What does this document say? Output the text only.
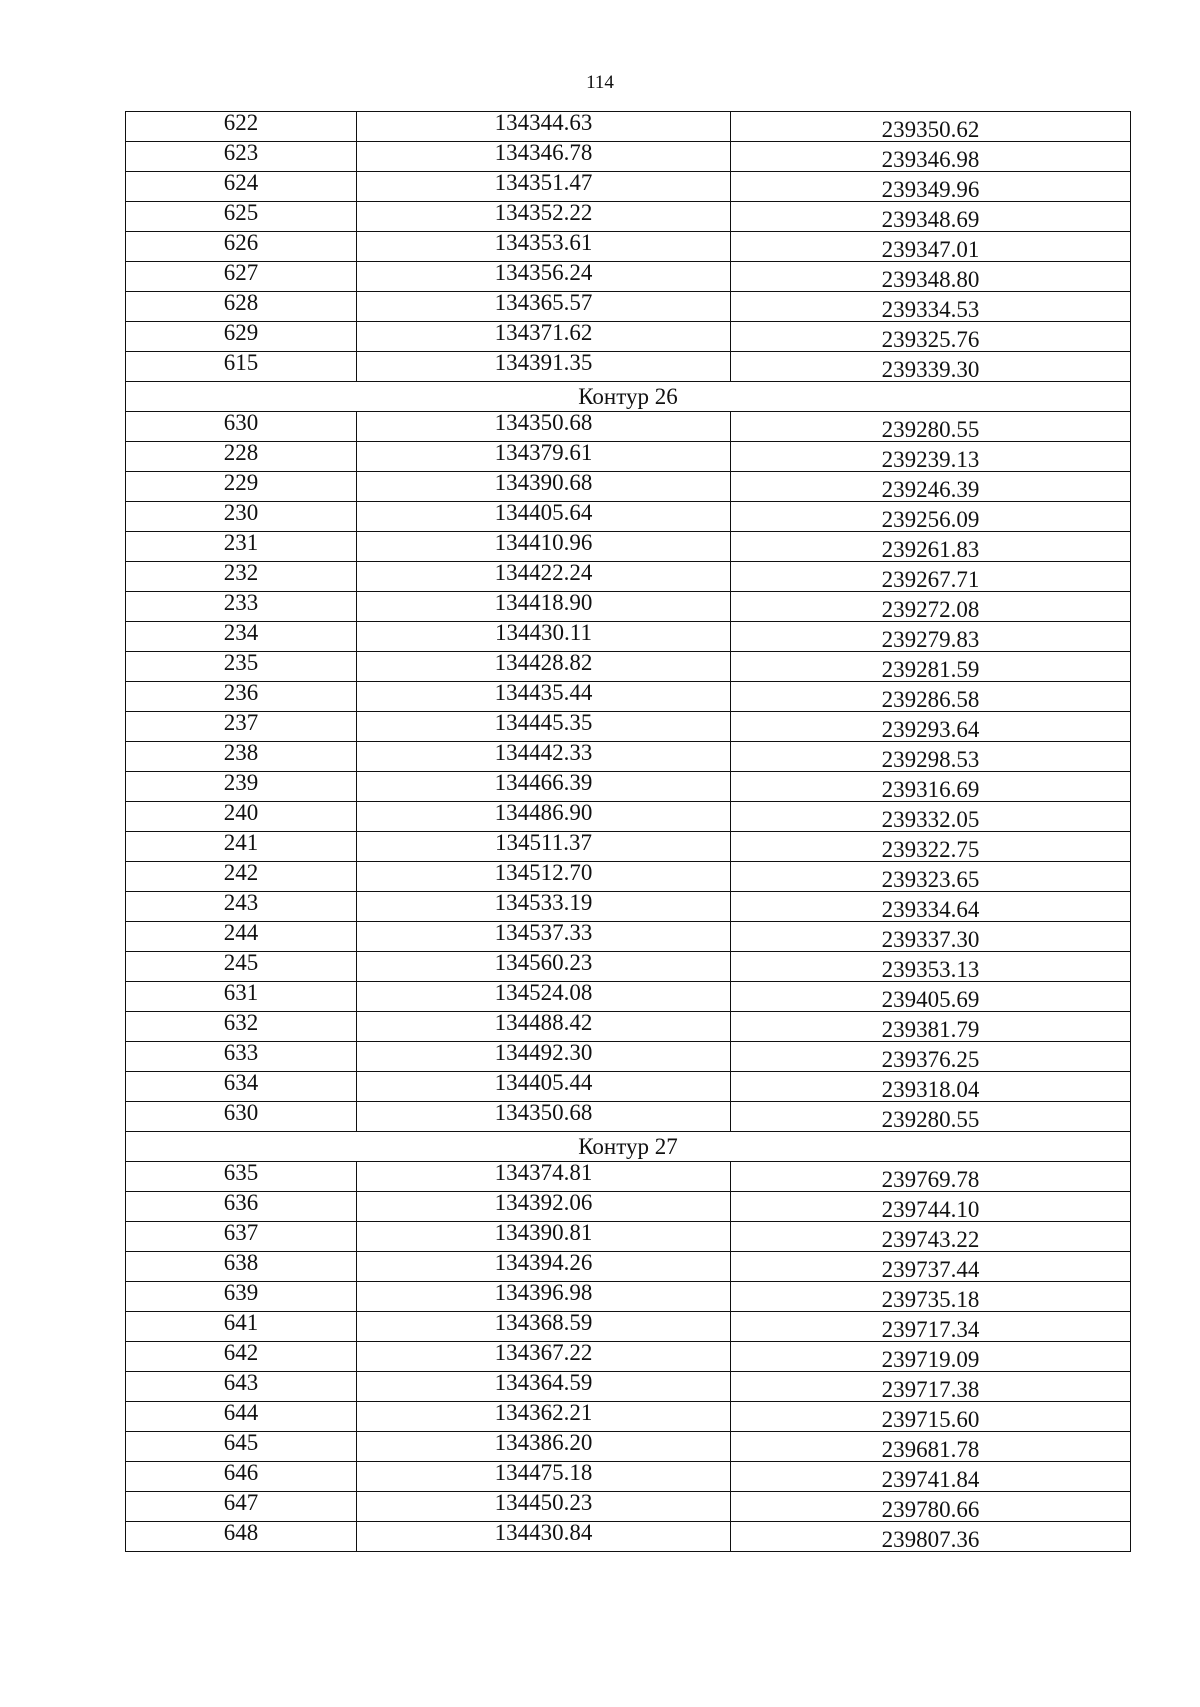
114
622	134344.63	239350.62
623	134346.78	239346.98
624	134351.47	239349.96
625	134352.22	239348.69
626	134353.61	239347.01
627	134356.24	239348.80
628	134365.57	239334.53
629	134371.62	239325.76
615	134391.35	239339.30
Контур 26		
630	134350.68	239280.55
228	134379.61	239239.13
229	134390.68	239246.39
230	134405.64	239256.09
231	134410.96	239261.83
232	134422.24	239267.71
233	134418.90	239272.08
234	134430.11	239279.83
235	134428.82	239281.59
236	134435.44	239286.58
237	134445.35	239293.64
238	134442.33	239298.53
239	134466.39	239316.69
240	134486.90	239332.05
241	134511.37	239322.75
242	134512.70	239323.65
243	134533.19	239334.64
244	134537.33	239337.30
245	134560.23	239353.13
631	134524.08	239405.69
632	134488.42	239381.79
633	134492.30	239376.25
634	134405.44	239318.04
630	134350.68	239280.55
Контур 27		
635	134374.81	239769.78
636	134392.06	239744.10
637	134390.81	239743.22
638	134394.26	239737.44
639	134396.98	239735.18
641	134368.59	239717.34
642	134367.22	239719.09
643	134364.59	239717.38
644	134362.21	239715.60
645	134386.20	239681.78
646	134475.18	239741.84
647	134450.23	239780.66
648	134430.84	239807.36
